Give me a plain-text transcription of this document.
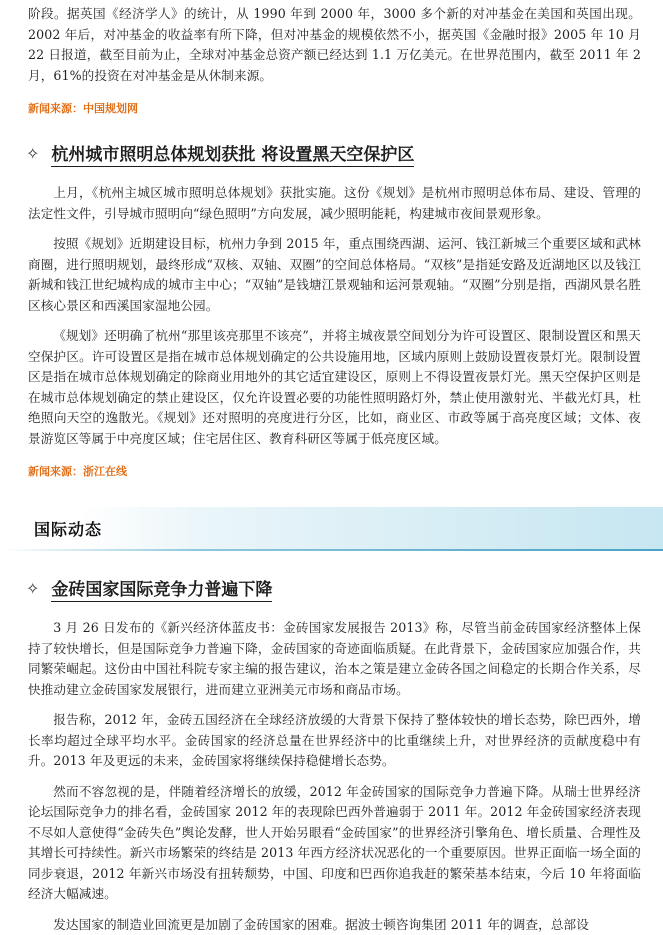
阶段。据英国《经济学人》的统计，从 1990 年到 2000 年，3000 多个新的对冲基金在美国和英国出现。2002 年后，对冲基金的收益率有所下降，但对冲基金的规模依然不小，据英国《金融时报》2005 年 10 月 22 日报道，截至目前为止，全球对冲基金总资产额已经达到 1.1 万亿美元。在世界范围内，截至 2011 年 2 月，61%的投资在对冲基金是从休制来源。

新闻来源：中国规划网
✧ 杭州城市照明总体规划获批 将设置黑天空保护区

上月，《杭州主城区城市照明总体规划》获批实施。这份《规划》是杭州市照明总体布局、建设、管理的法定性文件，引导城市照明向“绿色照明”方向发展，减少照明能耗，构建城市夜间景观形象。

按照《规划》近期建设目标，杭州力争到 2015 年，重点围绕西湖、运河、钱江新城三个重要区域和武林商圈，进行照明规划，最终形成“双核、双轴、双圈”的空间总体格局。“双核”是指延安路及近湖地区以及钱江新城和钱江世纪城构成的城市主中心；“双轴”是钱塘江景观轴和运河景观轴。“双圈”分别是指，西湖风景名胜区核心景区和西溪国家湿地公园。

《规划》还明确了杭州“那里该亮那里不该亮”，并将主城夜景空间划分为许可设置区、限制设置区和黑天空保护区。许可设置区是指在城市总体规划确定的公共设施用地，区域内原则上鼓励设置夜景灯光。限制设置区是指在城市总体规划确定的除商业用地外的其它适宜建设区，原则上不得设置夜景灯光。黑天空保护区则是在城市总体规划确定的禁止建设区，仅允许设置必要的功能性照明路灯外，禁止使用激射光、半截光灯具，杜绝照向天空的逸散光。《规划》还对照明的亮度进行分区，比如，商业区、市政等属于高亮度区域；文体、夜景游览区等属于中亮度区域；住宅居住区、教育科研区等属于低亮度区域。

新闻来源：浙江在线
国际动态
✧ 金砖国家国际竞争力普遍下降

3 月 26 日发布的《新兴经济体蓝皮书：金砖国家发展报告 2013》称，尽管当前金砖国家经济整体上保持了较快增长，但是国际竞争力普遍下降，金砖国家的奇迹面临质疑。在此背景下，金砖国家应加强合作，共同繁荣崛起。这份由中国社科院专家主编的报告建议，治本之策是建立金砖各国之间稳定的长期合作关系，尽快推动建立金砖国家发展银行，进而建立亚洲美元市场和商品市场。

报告称，2012 年，金砖五国经济在全球经济放缓的大背景下保持了整体较快的增长态势，除巴西外，增长率均超过全球平均水平。金砖国家的经济总量在世界经济中的比重继续上升，对世界经济的贡献度稳中有升。2013 年及更远的未来，金砖国家将继续保持稳健增长态势。

然而不容忽视的是，伴随着经济增长的放缓，2012 年金砖国家的国际竞争力普遍下降。从瑞士世界经济论坛国际竞争力的排名看，金砖国家 2012 年的表现除巴西外普遍弱于 2011 年。2012 年金砖国家经济表现不尽如人意使得“金砖失色”舆论发酵，世人开始另眼看“金砖国家”的世界经济引擎角色、增长质量、合理性及其增长可持续性。新兴市场繁荣的终结是 2013 年西方经济状况恶化的一个重要原因。世界正面临一场全面的同步衰退，2012 年新兴市场没有扭转颓势，中国、印度和巴西你追我赶的繁荣基本结束，今后 10 年将面临经济大幅减速。

发达国家的制造业回流更是加剧了金砖国家的困难。据波士顿咨询集团 2011 年的调查，总部设
